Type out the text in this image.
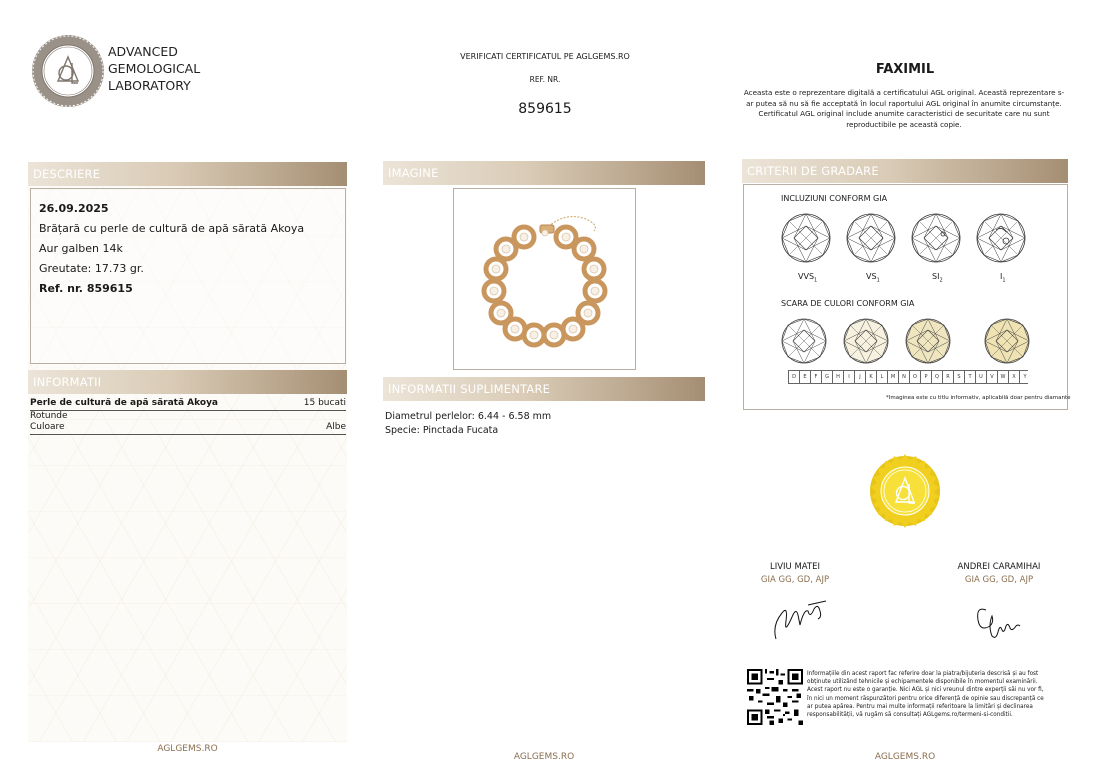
ADVANCED
GEMOLOGICAL
LABORATORY
VERIFICATI CERTIFICATUL PE AGLGEMS.RO
REF. NR.
859615
FAXIMIL
Aceasta este o reprezentare digitală a certificatului AGL original. Această reprezentare s-
ar putea să nu să fie acceptată în locul raportului AGL original în anumite circumstanțe.
Certificatul AGL original include anumite caracteristici de securitate care nu sunt
reproductibile pe această copie.
DESCRIERE
26.09.2025
Brățară cu perle de cultură de apă sărată Akoya
Aur galben 14k
Greutate: 17.73 gr.
Ref. nr. 859615
INFORMATII
Perle de cultură de apă sărată Akoya	15 bucati
Rotunde
Culoare	Albe
AGLGEMS.RO
IMAGINE
INFORMATII SUPLIMENTARE
Diametrul perlelor: 6.44 - 6.58 mm
Specie: Pinctada Fucata
AGLGEMS.RO
CRITERII DE GRADARE
INCLUZIUNI CONFORM GIA
$VVS_1$	$VS_1$	$SI_2$	$I_1$
SCARA DE CULORI CONFORM GIA
D E F G H I J K L M N O P Q R S T U V W X Y
*Imaginea este cu titlu informativ, aplicabilă doar pentru diamante
LIVIU MATEI
GIA GG, GD, AJP
ANDREI CARAMIHAI
GIA GG, GD, AJP
Informațiile din acest raport fac referire doar la piatra/bijuteria descrisă și au fost
obținute utilizând tehnicile și echipamentele disponibile în momentul examinării.
Acest raport nu este o garanție. Nici AGL și nici vreunul dintre experții săi nu vor fi,
în nici un moment răspunzători pentru orice diferență de opinie sau discrepanță ce
ar putea apărea. Pentru mai multe informații referitoare la limitări și declinarea
responsabilității, vă rugăm să consultați AGLgems.ro/termeni-si-conditii.
AGLGEMS.RO
